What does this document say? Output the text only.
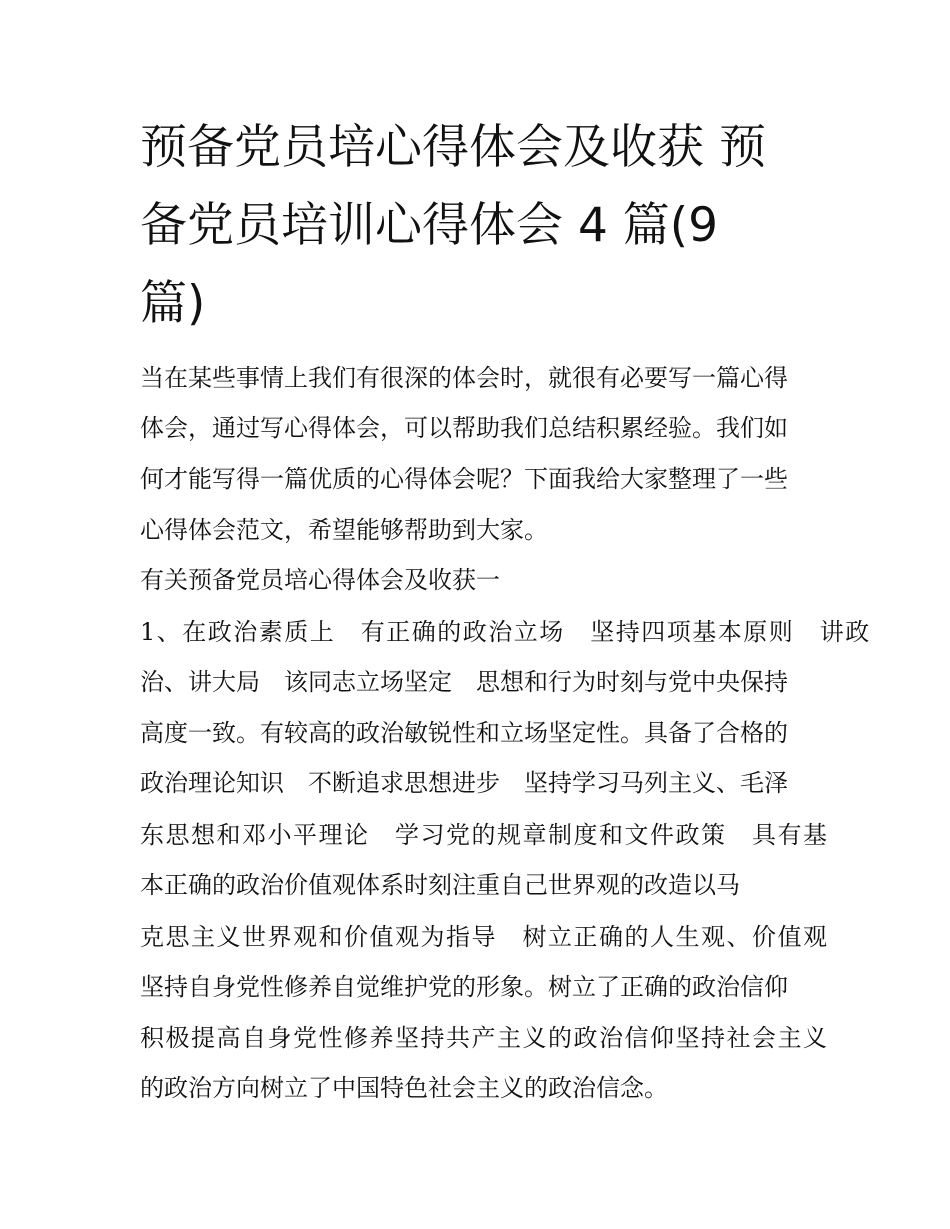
预备党员培心得体会及收获 预
备党员培训心得体会 4 篇(9
篇)
当在某些事情上我们有很深的体会时，就很有必要写一篇心得
体会，通过写心得体会，可以帮助我们总结积累经验。我们如
何才能写得一篇优质的心得体会呢？下面我给大家整理了一些
心得体会范文，希望能够帮助到大家。
有关预备党员培心得体会及收获一
1、在政治素质上　有正确的政治立场　坚持四项基本原则　讲政
治、讲大局　该同志立场坚定　思想和行为时刻与党中央保持
高度一致。有较高的政治敏锐性和立场坚定性。具备了合格的
政治理论知识　不断追求思想进步　坚持学习马列主义、毛泽
东思想和邓小平理论　学习党的规章制度和文件政策　具有基
本正确的政治价值观体系时刻注重自己世界观的改造以马
克思主义世界观和价值观为指导　树立正确的人生观、价值观
坚持自身党性修养自觉维护党的形象。树立了正确的政治信仰
积极提高自身党性修养坚持共产主义的政治信仰坚持社会主义
的政治方向树立了中国特色社会主义的政治信念。
